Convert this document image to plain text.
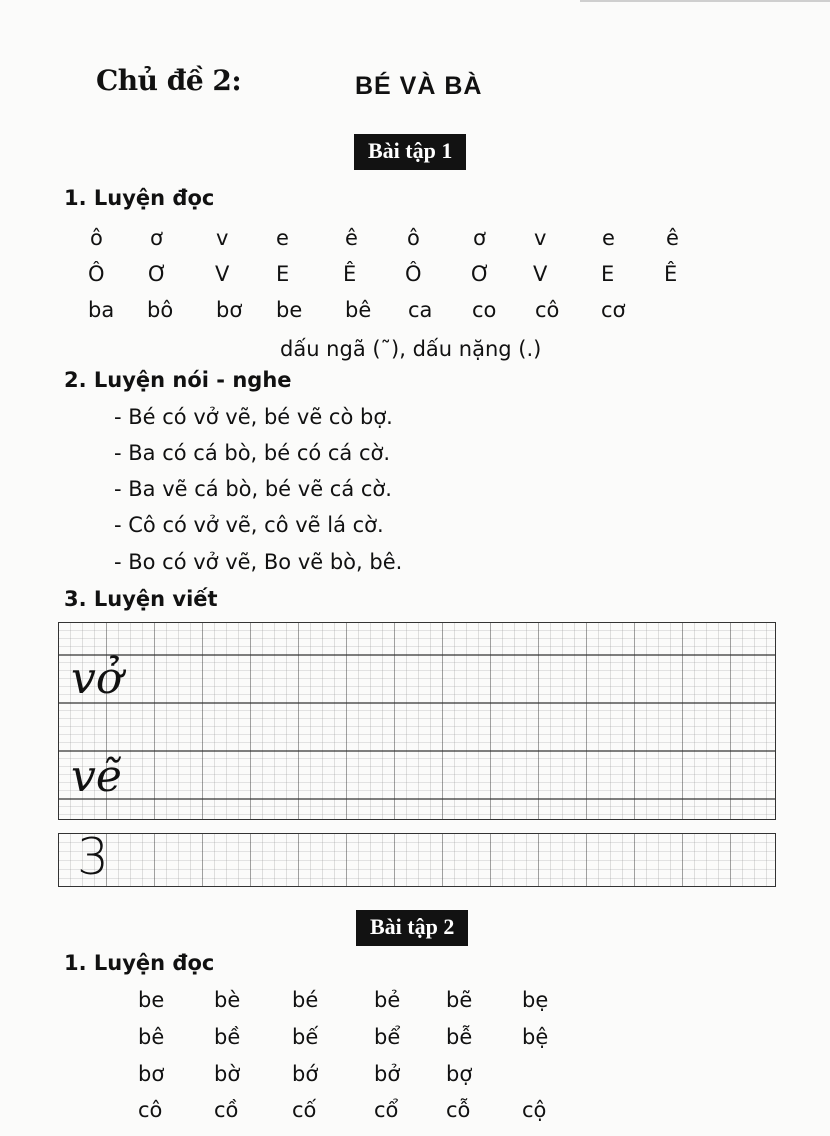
Chủ đề 2:	BÉ VÀ BÀ
Bài tập 1
1. Luyện đọc
ô ơ	v e	ê ô	ơ v	e ê
Ô Ơ V E	Ê Ô Ơ V	E Ê
ba bô bơ be bê ca co cô cơ
dấu ngã (˜), dấu nặng (.)
2. Luyện nói - nghe
- Bé có vở vẽ, bé vẽ cò bợ.
- Ba có cá bò, bé có cá cờ.
- Ba vẽ cá bò, bé vẽ cá cờ.
- Cô có vở vẽ, cô vẽ lá cờ.
- Bo có vở vẽ, Bo vẽ bò, bê.
3. Luyện viết
vở
vẽ
3
Bài tập 2
1. Luyện đọc
be bè bé	bẻ bẽ bẹ
bê bề bế	bể bễ bệ
bơ bờ bớ	bở bợ
cô cồ	cố	cổ cỗ cộ
